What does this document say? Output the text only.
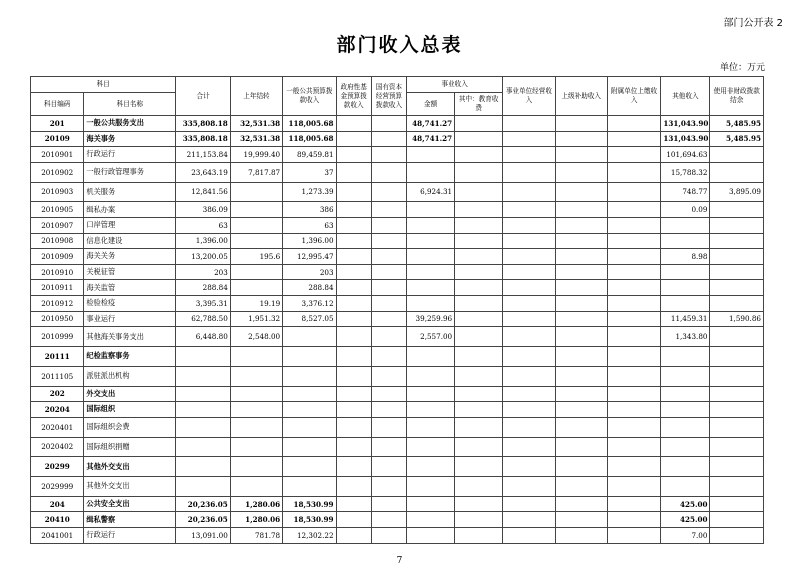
部门公开表 2
部门收入总表
单位：万元
科目		合计	上年结转	一般公共预算拨款收入	政府性基金预算拨款收入	国有资本经营预算拨款收入	事业收入		事业单位经营收入	上级补助收入	附属单位上缴收入	其他收入	使用非财政拨款结余
科目编码	科目名称						金额	其中：教育收费					
201	一般公共服务支出	335,808.18	32,531.38	118,005.68			48,741.27					131,043.90	5,485.95
20109	海关事务	335,808.18	32,531.38	118,005.68			48,741.27					131,043.90	5,485.95
2010901	行政运行	211,153.84	19,999.40	89,459.81								101,694.63	
2010902	一般行政管理事务	23,643.19	7,817.87	37								15,788.32	
2010903	机关服务	12,841.56		1,273.39			6,924.31					748.77	3,895.09
2010905	缉私办案	386.09		386								0.09	
2010907	口岸管理	63		63									
2010908	信息化建设	1,396.00		1,396.00									
2010909	海关关务	13,200.05	195.6	12,995.47								8.98	
2010910	关税征管	203		203									
2010911	海关监管	288.84		288.84									
2010912	检验检疫	3,395.31	19.19	3,376.12									
2010950	事业运行	62,788.50	1,951.32	8,527.05			39,259.96					11,459.31	1,590.86
2010999	其他海关事务支出	6,448.80	2,548.00				2,557.00					1,343.80	
20111	纪检监察事务												
2011105	派驻派出机构												
202	外交支出												
20204	国际组织												
2020401	国际组织会费												
2020402	国际组织捐赠												
20299	其他外交支出												
2029999	其他外交支出												
204	公共安全支出	20,236.05	1,280.06	18,530.99								425.00	
20410	缉私警察	20,236.05	1,280.06	18,530.99								425.00	
2041001	行政运行	13,091.00	781.78	12,302.22								7.00	
7
